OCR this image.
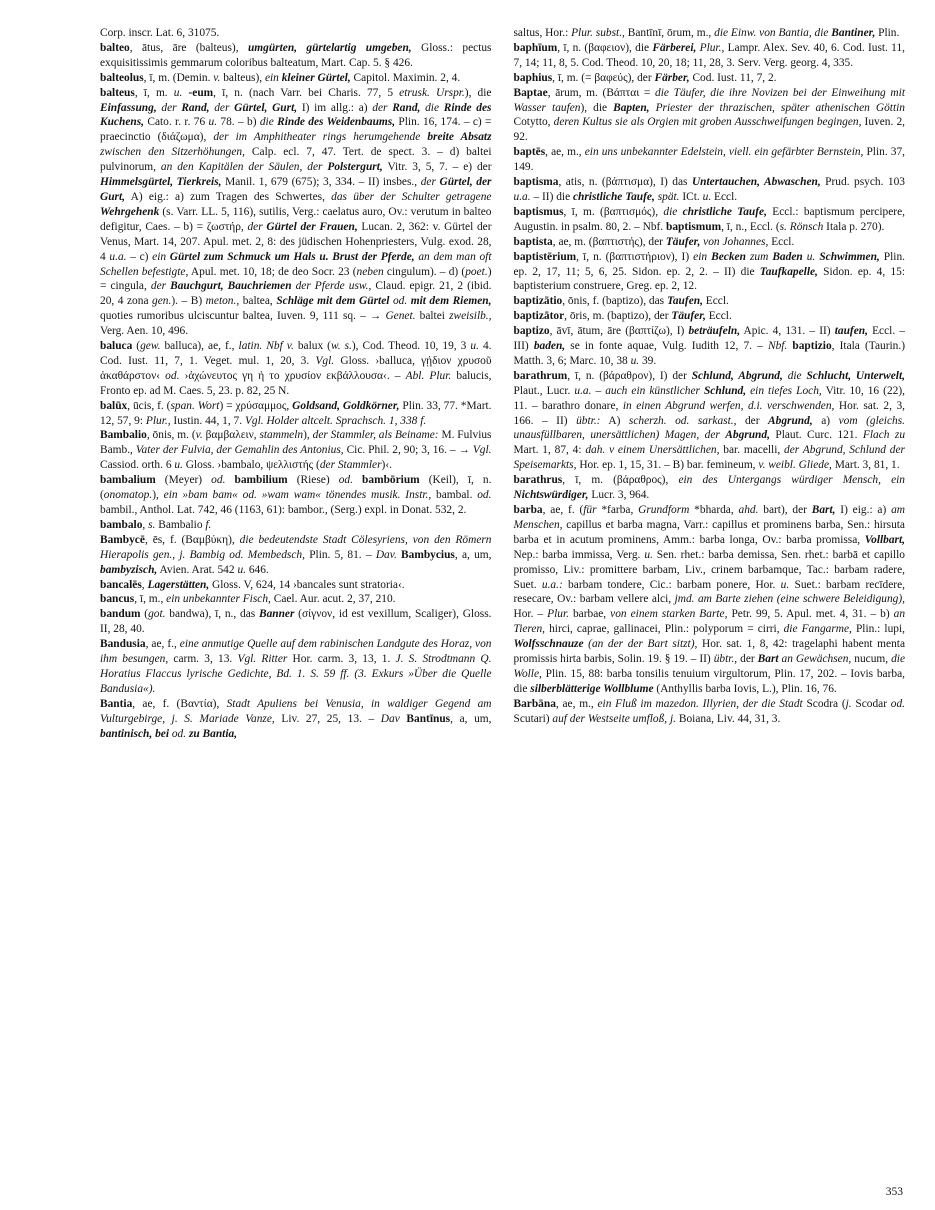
Corp. inscr. Lat. 6, 31075.

balteo, ātus, āre (balteus), umgürten, gürtelartig umgeben, Gloss.: pectus exquisitissimis gemmarum coloribus balteatum, Mart. Cap. 5. § 426.

balteolus, ī, m. (Demin. v. balteus), ein kleiner Gürtel, Capitol. Maximin. 2, 4.

balteus, ī, m. u. -eum, ī, n. (nach Varr. bei Charis. 77, 5 etrusk. Urspr.), die Einfassung, der Rand, der Gürtel, Gurt, I) im allg.: a) der Rand, die Rinde des Kuchens, Cato. r. r. 76 u. 78. – b) die Rinde des Weidenbaums, Plin. 16, 174. – c) = praecinctio (διάζωμα), der im Amphitheater rings herumgehende breite Absatz zwischen den Sitzerhöhungen, Calp. ecl. 7, 47. Tert. de spect. 3. – d) baltei pulvinorum, an den Kapitälen der Säulen, der Polstergurt, Vitr. 3, 5, 7. – e) der Himmelsgürtel, Tierkreis, Manil. 1, 679 (675); 3, 334. – II) insbes., der Gürtel, der Gurt, A) eig.: a) zum Tragen des Schwertes, das über der Schulter getragene Wehrgehenk (s. Varr. LL. 5, 116), sutilis, Verg.: caelatus auro, Ov.: verutum in balteo defigitur, Caes. – b) = ζωστήρ, der Gürtel der Frauen, Lucan. 2, 362: v. Gürtel der Venus, Mart. 14, 207. Apul. met. 2, 8: des jüdischen Hohenpriesters, Vulg. exod. 28, 4 u.a. – c) ein Gürtel zum Schmuck um Hals u. Brust der Pferde, an dem man oft Schellen befestigte, Apul. met. 10, 18; de deo Socr. 23 (neben cingulum). – d) (poet.) = cingula, der Bauchgurt, Bauchriemen der Pferde usw., Claud. epigr. 21, 2 (ibid. 20, 4 zona gen.). – B) meton., baltea, Schläge mit dem Gürtel od. mit dem Riemen, quoties rumoribus ulciscuntur baltea, Iuven. 9, 111 sq. – → Genet. baltei zweisilb., Verg. Aen. 10, 496.

baluca (gew. balluca), ae, f., latin. Nbf v. balux (w. s.), Cod. Theod. 10, 19, 3 u. 4. Cod. Iust. 11, 7, 1. Veget. mul. 1, 20, 3. Vgl. Gloss. ›balluca, γῄδιον χρυσοῦ ἀκαθάρστον‹ od. ›ἀχώνευτος γη ἡ το χρυσίον εκβάλλουσα‹. – Abl. Plur. balucis, Fronto ep. ad M. Caes. 5, 23. p. 82, 25 N.

balūx, ūcis, f. (span. Wort) = χρύσαμμος, Goldsand, Goldkörner, Plin. 33, 77. *Mart. 12, 57, 9: Plur., Iustin. 44, 1, 7. Vgl. Holder altcelt. Sprachsch. 1, 338 f.

Bambalio, ōnis, m. (v. βαμβαλειν, stammeln), der Stammler, als Beiname: M. Fulvius Bamb., Vater der Fulvia, der Gemahlin des Antonius, Cic. Phil. 2, 90; 3, 16. – → Vgl. Cassiod. orth. 6 u. Gloss. ›bambalo, ψελλιστής (der Stammler)‹.

bambalium (Meyer) od. bambilium (Riese) od. bambōrium (Keil), ī, n. (onomatop.), ein »bam bam« od. »wam wam« tönendes musik. Instr., bambal. od. bambil., Anthol. Lat. 742, 46 (1163, 61): bambor., (Serg.) expl. in Donat. 532, 2.

bambalo, s. Bambalio f.

Bambycē, ēs, f. (Βαμβύκη), die bedeutendste Stadt Cölesyriens, von den Römern Hierapolis gen., j. Bambig od. Membedsch, Plin. 5, 81. – Dav. Bambycius, a, um, bambyzisch, Avien. Arat. 542 u. 646.

bancalēs, Lagerstätten, Gloss. V, 624, 14 ›bancales sunt stratoria‹.

bancus, ī, m., ein unbekannter Fisch, Cael. Aur. acut. 2, 37, 210.

bandum (got. bandwa), ī, n., das Banner (σίγνον, id est vexillum, Scaliger), Gloss. II, 28, 40.

Bandusia, ae, f., eine anmutige Quelle auf dem rabinischen Landgute des Horaz, von ihm besungen, carm. 3, 13. Vgl. Ritter Hor. carm. 3, 13, 1. J. S. Strodtmann Q. Horatius Flaccus lyrische Gedichte, Bd. 1. S. 59 ff. (3. Exkurs »Über die Quelle Bandusia«).

Bantia, ae, f. (Βαντία), Stadt Apuliens bei Venusia, in waldiger Gegend am Vulturgebirge, j. S. Mariade Vanze, Liv. 27, 25, 13. – Dav Bantīnus, a, um, bantinisch, bei od. zu Bantia,

saltus, Hor.: Plur. subst., Bantīnī, ōrum, m., die Einw. von Bantia, die Bantiner, Plin.

baphīum, ī, n. (βαφειον), die Färberei, Plur., Lampr. Alex. Sev. 40, 6. Cod. Iust. 11, 7, 14; 11, 8, 5. Cod. Theod. 10, 20, 18; 11, 28, 3. Serv. Verg. georg. 4, 335.

baphius, ī, m. (= βαφεύς), der Färber, Cod. Iust. 11, 7, 2.

Baptae, ārum, m. (Βάπται = die Täufer, die ihre Novizen bei der Einweihung mit Wasser taufen), die Bapten, Priester der thrazischen, später athenischen Göttin Cotytto, deren Kultus sie als Orgien mit groben Ausschweifungen begingen, Iuven. 2, 92.

baptēs, ae, m., ein uns unbekannter Edelstein, viell. ein gefärbter Bernstein, Plin. 37, 149.

baptisma, atis, n. (βάπτισμα), I) das Untertauchen, Abwaschen, Prud. psych. 103 u.a. – II) die christliche Taufe, spät. ICt. u. Eccl.

baptismus, ī, m. (βαπτισμός), die christliche Taufe, Eccl.: baptismum percipere, Augustin. in psalm. 80, 2. – Nbf. baptismum, ī, n., Eccl. (s. Rönsch Itala p. 270).

baptista, ae, m. (βαπτιστής), der Täufer, von Johannes, Eccl.

baptistērium, ī, n. (βαπτιστήριον), I) ein Becken zum Baden u. Schwimmen, Plin. ep. 2, 17, 11; 5, 6, 25. Sidon. ep. 2, 2. – II) die Taufkapelle, Sidon. ep. 4, 15: baptisterium construere, Greg. ep. 2, 12.

baptizātio, ōnis, f. (baptizo), das Taufen, Eccl.

baptizātor, ōris, m. (baptizo), der Täufer, Eccl.

baptizo, āvī, ātum, āre (βαπτίζω), I) beträufeln, Apic. 4, 131. – II) taufen, Eccl. – III) baden, se in fonte aquae, Vulg. Iudith 12, 7. – Nbf. baptizio, Itala (Taurin.) Matth. 3, 6; Marc. 10, 38 u. 39.

barathrum, ī, n. (βάραθρον), I) der Schlund, Abgrund, die Schlucht, Unterwelt, Plaut., Lucr. u.a. – auch ein künstlicher Schlund, ein tiefes Loch, Vitr. 10, 16 (22), 11. – barathro donare, in einen Abgrund werfen, d.i. verschwenden, Hor. sat. 2, 3, 166. – II) übtr.: A) scherzh. od. sarkast., der Abgrund, a) vom (gleichs. unausfüllbaren, unersättlichen) Magen, der Abgrund, Plaut. Curc. 121. Flach zu Mart. 1, 87, 4: dah. v einem Unersättlichen, bar. macelli, der Abgrund, Schlund der Speisemarkts, Hor. ep. 1, 15, 31. – B) bar. femineum, v. weibl. Gliede, Mart. 3, 81, 1.

barathrus, ī, m. (βάραθρος), ein des Untergangs würdiger Mensch, ein Nichtswürdiger, Lucr. 3, 964.

barba, ae, f. (für *farba, Grundform *bharda, ahd. bart), der Bart, I) eig.: a) am Menschen, capillus et barba magna, Varr.: capillus et prominens barba, Sen.: hirsuta barba et in acutum prominens, Amm.: barba longa, Ov.: barba promissa, Vollbart, Nep.: barba immissa, Verg. u. Sen. rhet.: barba demissa, Sen. rhet.: barbā et capillo promisso, Liv.: promittere barbam, Liv., crinem barbamque, Tac.: barbam radere, Suet. u.a.: barbam tondere, Cic.: barbam ponere, Hor. u. Suet.: barbam recīdere, resecare, Ov.: barbam vellere alci, jmd. am Barte ziehen (eine schwere Beleidigung), Hor. – Plur. barbae, von einem starken Barte, Petr. 99, 5. Apul. met. 4, 31. – b) an Tieren, hirci, caprae, gallinacei, Plin.: polyporum = cirri, die Fangarme, Plin.: lupi, Wolfsschnauze (an der der Bart sitzt), Hor. sat. 1, 8, 42: tragelaphi habent menta promissis hirta barbis, Solin. 19. § 19. – II) übtr., der Bart an Gewächsen, nucum, die Wolle, Plin. 15, 88: barba tonsilis tenuium virgultorum, Plin. 17, 202. – Iovis barba, die silberblätterige Wollblume (Anthyllis barba Iovis, L.), Plin. 16, 76.

Barbāna, ae, m., ein Fluß im mazedon. Illyrien, der die Stadt Scodra (j. Scodar od. Scutari) auf der Westseite umfloß, j. Boiana, Liv. 44, 31, 3.

353
